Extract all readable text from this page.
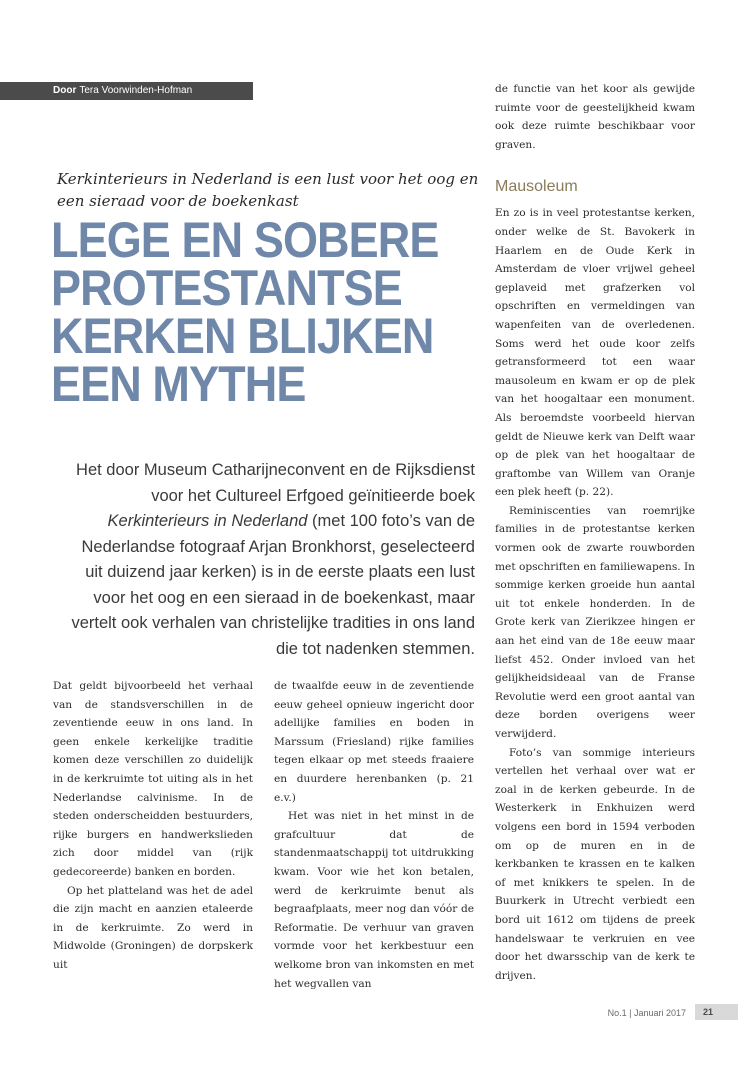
Door Tera Voorwinden-Hofman

Kerkinterieurs in Nederland is een lust voor het oog en een sieraad voor de boekenkast

LEGE EN SOBERE
PROTESTANTSE
KERKEN BLIJKEN
EEN MYTHE

Het door Museum Catharijneconvent en de Rijksdienst voor het Cultureel Erfgoed geïnitieerde boek Kerkinterieurs in Nederland (met 100 foto’s van de Nederlandse fotograaf Arjan Bronkhorst, geselecteerd uit duizend jaar kerken) is in de eerste plaats een lust voor het oog en een sieraad in de boekenkast, maar vertelt ook verhalen van christelijke tradities in ons land die tot nadenken stemmen.

Dat geldt bijvoorbeeld het verhaal van de standsverschillen in de zeventiende eeuw in ons land. In geen enkele kerkelijke traditie komen deze verschillen zo duidelijk in de kerkruimte tot uiting als in het Nederlandse calvinisme. In de steden onderscheidden bestuurders, rijke burgers en handwerkslieden zich door middel van (rijk gedecoreerde) banken en borden.

Op het platteland was het de adel die zijn macht en aanzien etaleerde in de kerkruimte. Zo werd in Midwolde (Groningen) de dorpskerk uit

de twaalfde eeuw in de zeventiende eeuw geheel opnieuw ingericht door adellijke families en boden in Marssum (Friesland) rijke families tegen elkaar op met steeds fraaiere en duurdere herenbanken (p. 21 e.v.)

Het was niet in het minst in de grafcultuur dat de standenmaatschappij tot uitdrukking kwam. Voor wie het kon betalen, werd de kerkruimte benut als begraafplaats, meer nog dan vóór de Reformatie. De verhuur van graven vormde voor het kerkbestuur een welkome bron van inkomsten en met het wegvallen van

de functie van het koor als gewijde ruimte voor de geestelijkheid kwam ook deze ruimte beschikbaar voor graven.

Mausoleum

En zo is in veel protestantse kerken, onder welke de St. Bavokerk in Haarlem en de Oude Kerk in Amsterdam de vloer vrijwel geheel geplaveid met grafzerken vol opschriften en vermeldingen van wapenfeiten van de overledenen. Soms werd het oude koor zelfs getransformeerd tot een waar mausoleum en kwam er op de plek van het hoogaltaar een monument. Als beroemdste voorbeeld hiervan geldt de Nieuwe kerk van Delft waar op de plek van het hoogaltaar de graftombe van Willem van Oranje een plek heeft (p. 22).

Reminiscenties van roemrijke families in de protestantse kerken vormen ook de zwarte rouwborden met opschriften en familiewapens. In sommige kerken groeide hun aantal uit tot enkele honderden. In de Grote kerk van Zierikzee hingen er aan het eind van de 18e eeuw maar liefst 452. Onder invloed van het gelijkheidsideaal van de Franse Revolutie werd een groot aantal van deze borden overigens weer verwijderd.

Foto’s van sommige interieurs vertellen het verhaal over wat er zoal in de kerken gebeurde. In de Westerkerk in Enkhuizen werd volgens een bord in 1594 verboden om op de muren en in de kerkbanken te krassen en te kalken of met knikkers te spelen. In de Buurkerk in Utrecht verbiedt een bord uit 1612 om tijdens de preek handelswaar te verkruien en vee door het dwarsschip van de kerk te drijven.

No.1 | Januari 2017	21
